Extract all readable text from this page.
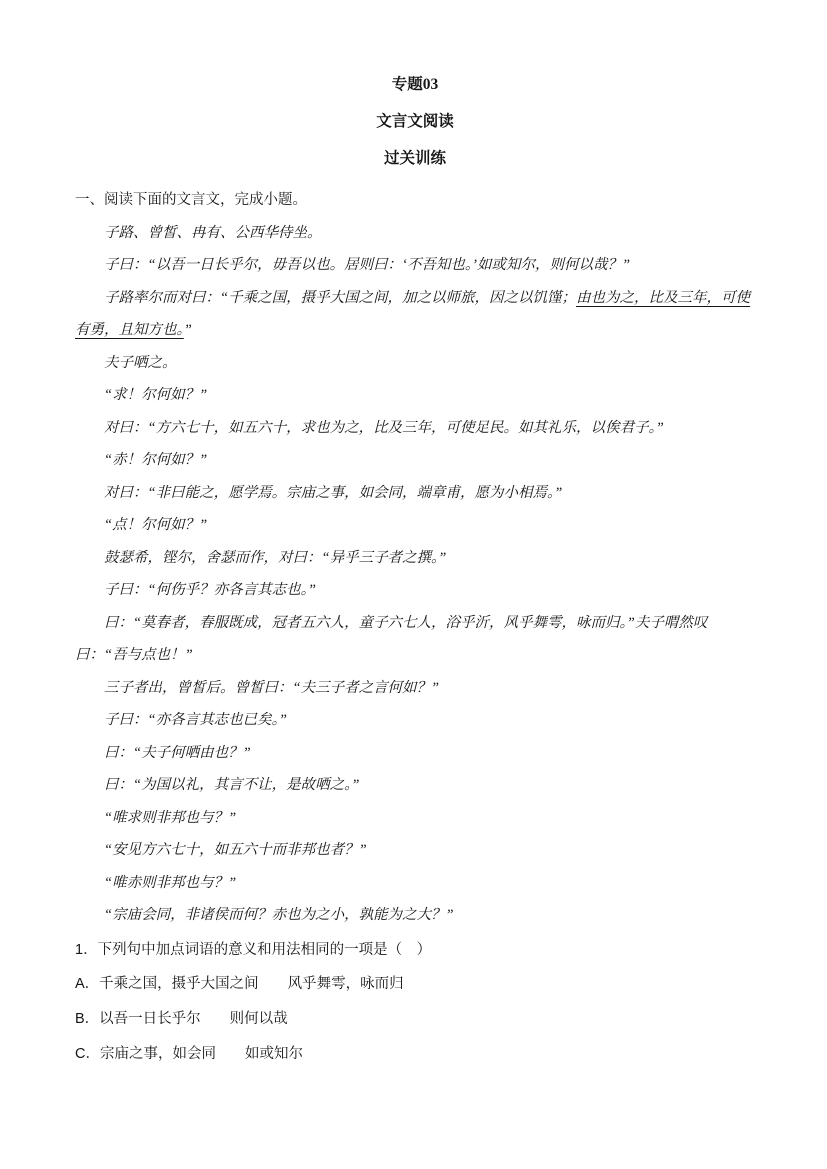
专题03
文言文阅读
过关训练

一、阅读下面的文言文，完成小题。

子路、曾皙、冉有、公西华侍坐。

子曰：“以吾一日长乎尔，毋吾以也。居则曰：‘不吾知也。’如或知尔，则何以哉？”

子路率尔而对曰：“千乘之国，摄乎大国之间，加之以师旅，因之以饥馑；由也为之，比及三年，可使有勇，且知方也。”

夫子哂之。

“求！尔何如？”

对曰：“方六七十，如五六十，求也为之，比及三年，可使足民。如其礼乐，以俟君子。”

“赤！尔何如？”

对曰：“非曰能之，愿学焉。宗庙之事，如会同，端章甫，愿为小相焉。”

“点！尔何如？”

鼓瑟希，铿尔，舍瑟而作，对曰：“异乎三子者之撰。”

子曰：“何伤乎？亦各言其志也。”

曰：“莫春者，春服既成，冠者五六人，童子六七人，浴乎沂，风乎舞雩，咏而归。”夫子喟然叹曰：“吾与点也！”

三子者出，曾皙后。曾皙曰：“夫三子者之言何如？”

子曰：“亦各言其志也已矣。”

曰：“夫子何哂由也？”

曰：“为国以礼，其言不让，是故哂之。”

“唯求则非邦也与？”

“安见方六七十，如五六十而非邦也者？”

“唯赤则非邦也与？”

“宗庙会同，非诸侯而何？赤也为之小，孰能为之大？”

1．下列句中加点词语的意义和用法相同的一项是（　）

A．千乘之国，摄乎大国之间　　风乎舞雩，咏而归

B．以吾一日长乎尔　　则何以哉

C．宗庙之事，如会同　　如或知尔
